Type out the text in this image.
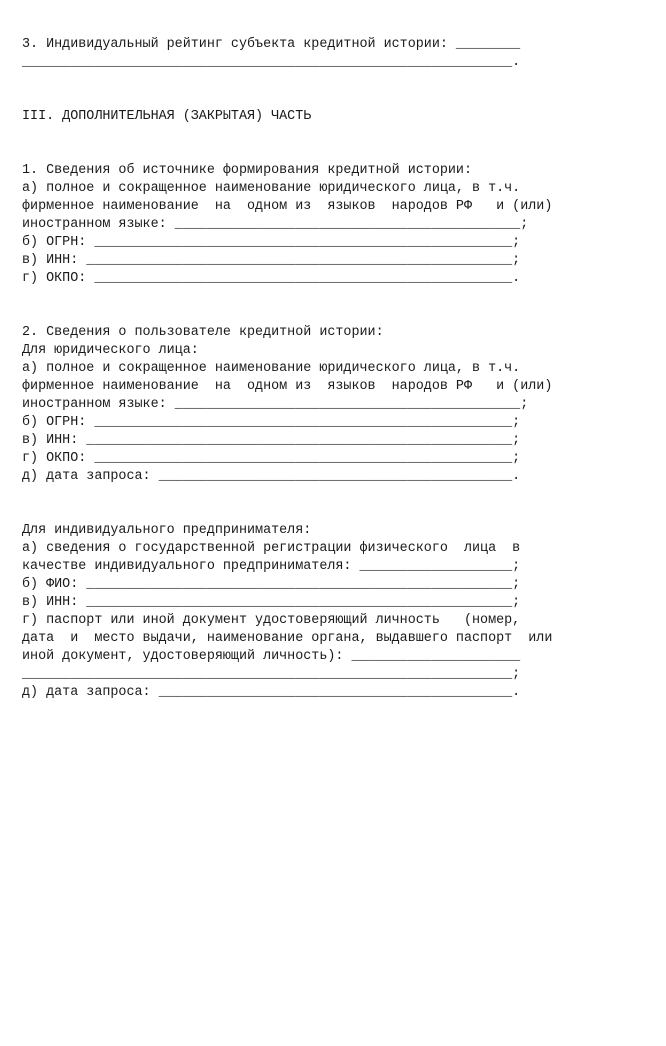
3. Индивидуальный рейтинг субъекта кредитной истории: ________
_____________________________________________________________.
III. ДОПОЛНИТЕЛЬНАЯ (ЗАКРЫТАЯ) ЧАСТЬ
1. Сведения об источнике формирования кредитной истории:
а) полное и сокращенное наименование юридического лица, в т.ч.
фирменное наименование  на  одном из  языков  народов РФ   и (или)
иностранном языке: ___________________________________________;
б) ОГРН: ____________________________________________________;
в) ИНН: _____________________________________________________;
г) ОКПО: ____________________________________________________.
2. Сведения о пользователе кредитной истории:
Для юридического лица:
а) полное и сокращенное наименование юридического лица, в т.ч.
фирменное наименование  на  одном из  языков  народов РФ   и (или)
иностранном языке: ___________________________________________;
б) ОГРН: ____________________________________________________;
в) ИНН: _____________________________________________________;
г) ОКПО: ____________________________________________________;
д) дата запроса: ____________________________________________.
Для индивидуального предпринимателя:
а) сведения о государственной регистрации физического  лица  в
качестве индивидуального предпринимателя: ___________________;
б) ФИО: _____________________________________________________;
в) ИНН: _____________________________________________________;
г) паспорт или иной документ удостоверяющий личность   (номер,
дата  и  место выдачи, наименование органа, выдавшего паспорт  или
иной документ, удостоверяющий личность): _____________________
_____________________________________________________________;
д) дата запроса: ____________________________________________.
